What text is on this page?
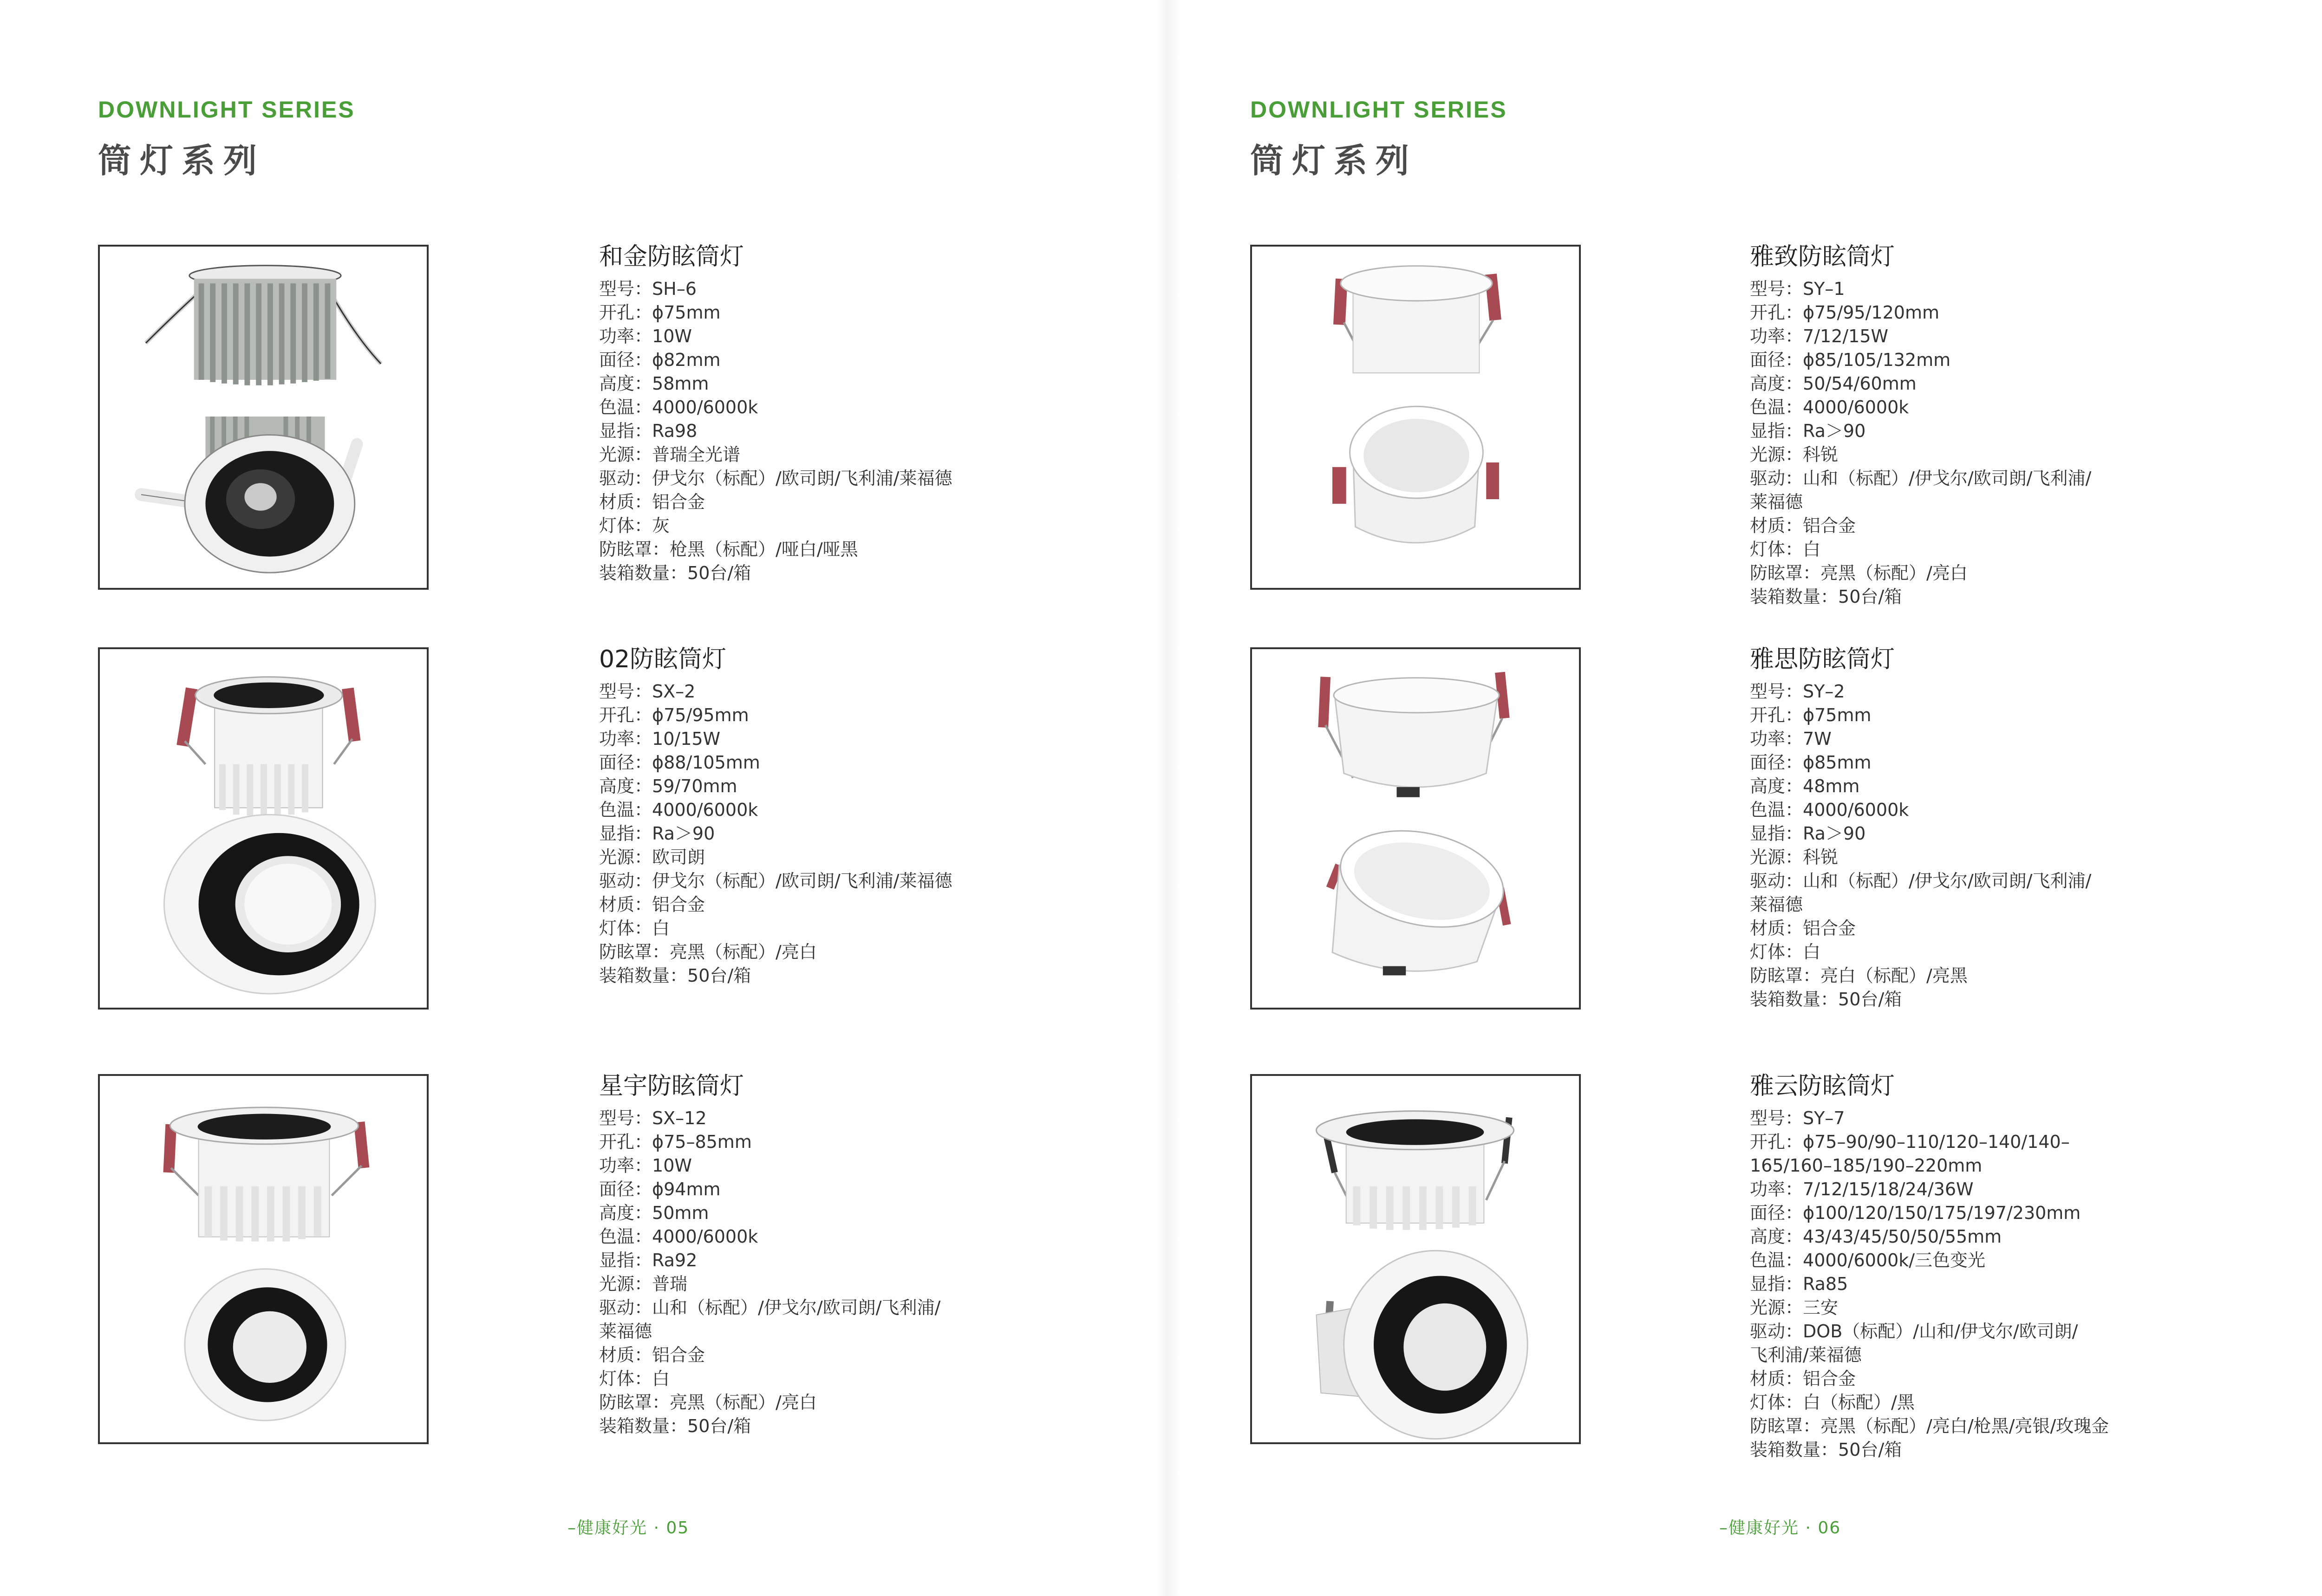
DOWNLIGHT SERIES
筒灯系列
和金防眩筒灯
型号：SH–6
开孔：ϕ75mm
功率：10W
面径：ϕ82mm
高度：58mm
色温：4000/6000k
显指：Ra98
光源：普瑞全光谱
驱动：伊戈尔（标配）/欧司朗/飞利浦/莱福德
材质：铝合金
灯体：灰
防眩罩：枪黑（标配）/哑白/哑黑
装箱数量：50台/箱
02防眩筒灯
型号：SX–2
开孔：ϕ75/95mm
功率：10/15W
面径：ϕ88/105mm
高度：59/70mm
色温：4000/6000k
显指：Ra＞90
光源：欧司朗
驱动：伊戈尔（标配）/欧司朗/飞利浦/莱福德
材质：铝合金
灯体：白
防眩罩：亮黑（标配）/亮白
装箱数量：50台/箱
星宇防眩筒灯
型号：SX–12
开孔：ϕ75–85mm
功率：10W
面径：ϕ94mm
高度：50mm
色温：4000/6000k
显指：Ra92
光源：普瑞
驱动：山和（标配）/伊戈尔/欧司朗/飞利浦/
莱福德
材质：铝合金
灯体：白
防眩罩：亮黑（标配）/亮白
装箱数量：50台/箱
–健康好光 · 05
DOWNLIGHT SERIES
筒灯系列
雅致防眩筒灯
型号：SY–1
开孔：ϕ75/95/120mm
功率：7/12/15W
面径：ϕ85/105/132mm
高度：50/54/60mm
色温：4000/6000k
显指：Ra＞90
光源：科锐
驱动：山和（标配）/伊戈尔/欧司朗/飞利浦/
莱福德
材质：铝合金
灯体：白
防眩罩：亮黑（标配）/亮白
装箱数量：50台/箱
雅思防眩筒灯
型号：SY–2
开孔：ϕ75mm
功率：7W
面径：ϕ85mm
高度：48mm
色温：4000/6000k
显指：Ra＞90
光源：科锐
驱动：山和（标配）/伊戈尔/欧司朗/飞利浦/
莱福德
材质：铝合金
灯体：白
防眩罩：亮白（标配）/亮黑
装箱数量：50台/箱
雅云防眩筒灯
型号：SY–7
开孔：ϕ75–90/90–110/120–140/140–
165/160–185/190–220mm
功率：7/12/15/18/24/36W
面径：ϕ100/120/150/175/197/230mm
高度：43/43/45/50/50/55mm
色温：4000/6000k/三色变光
显指：Ra85
光源：三安
驱动：DOB（标配）/山和/伊戈尔/欧司朗/
飞利浦/莱福德
材质：铝合金
灯体：白（标配）/黑
防眩罩：亮黑（标配）/亮白/枪黑/亮银/玫瑰金
装箱数量：50台/箱
–健康好光 · 06
